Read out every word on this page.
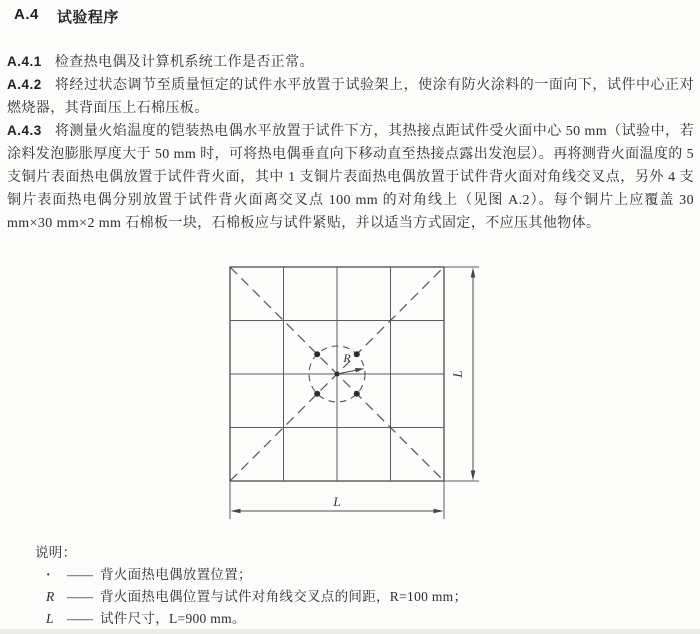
A.4 试验程序

A.4.1 检查热电偶及计算机系统工作是否正常。

A.4.2 将经过状态调节至质量恒定的试件水平放置于试验架上，使涂有防火涂料的一面向下，试件中心正对燃烧器，其背面压上石棉压板。

A.4.3 将测量火焰温度的铠装热电偶水平放置于试件下方，其热接点距试件受火面中心 50 mm（试验中，若涂料发泡膨胀厚度大于 50 mm 时，可将热电偶垂直向下移动直至热接点露出发泡层）。再将测背火面温度的 5 支铜片表面热电偶放置于试件背火面，其中 1 支铜片表面热电偶放置于试件背火面对角线交叉点，另外 4 支铜片表面热电偶分别放置于试件背火面离交叉点 100 mm 的对角线上（见图 A.2）。每个铜片上应覆盖 30 mm×30 mm×2 mm 石棉板一块，石棉板应与试件紧贴，并以适当方式固定，不应压其他物体。

R
L
L
说明：
·	—— 背火面热电偶放置位置；
R —— 背火面热电偶位置与试件对角线交叉点的间距，R=100 mm；
L —— 试件尺寸，L=900 mm。
